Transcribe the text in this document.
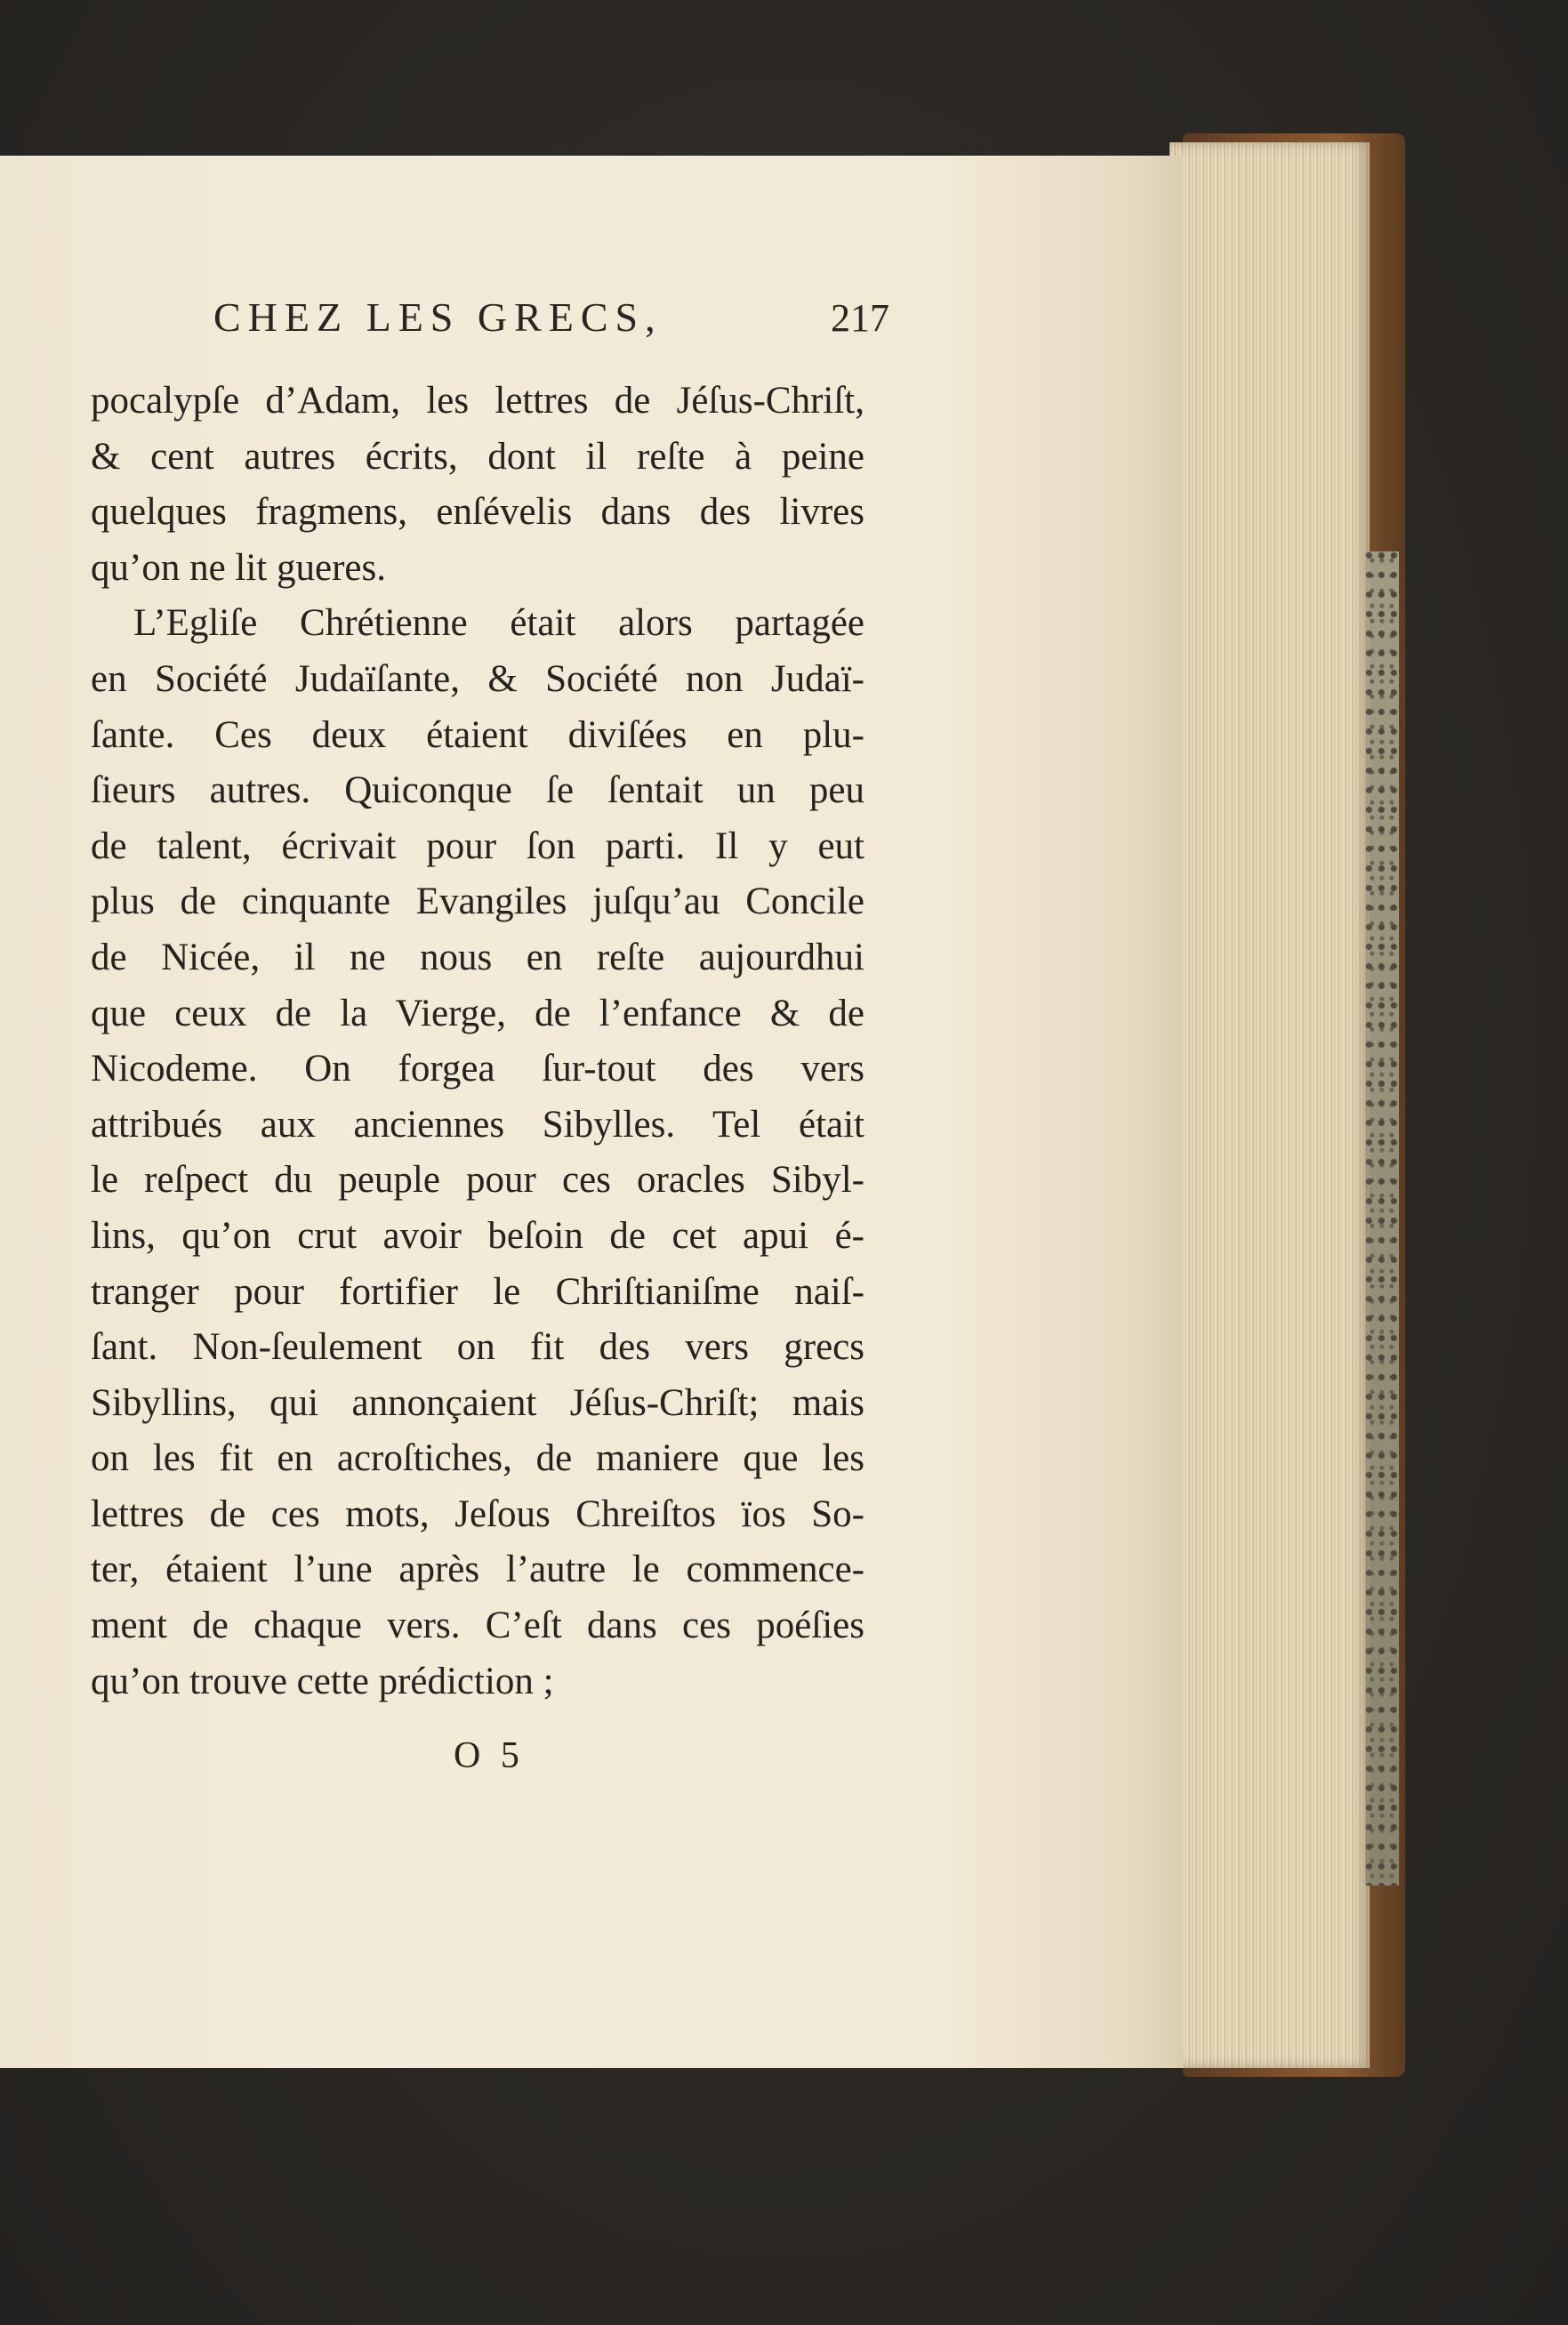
CHEZ LES GRECS,	217
pocalypſe d’Adam, les lettres de Jéſus-Chriſt,
& cent autres écrits, dont il reſte à peine
quelques fragmens, enſévelis dans des livres
qu’on ne lit gueres.
L’Egliſe Chrétienne était alors partagée
en Société Judaïſante, & Société non Judaï-
ſante. Ces deux étaient diviſées en plu-
ſieurs autres. Quiconque ſe ſentait un peu
de talent, écrivait pour ſon parti. Il y eut
plus de cinquante Evangiles juſqu’au Concile
de Nicée, il ne nous en reſte aujourdhui
que ceux de la Vierge, de l’enfance & de
Nicodeme. On forgea ſur-tout des vers
attribués aux anciennes Sibylles. Tel était
le reſpect du peuple pour ces oracles Sibyl-
lins, qu’on crut avoir beſoin de cet apui é-
tranger pour fortifier le Chriſtianiſme naiſ-
ſant. Non-ſeulement on fit des vers grecs
Sibyllins, qui annonçaient Jéſus-Chriſt; mais
on les fit en acroſtiches, de maniere que les
lettres de ces mots, Jeſous Chreiſtos ïos So-
ter, étaient l’une après l’autre le commence-
ment de chaque vers. C’eſt dans ces poéſies
qu’on trouve cette prédiction ;
O 5
